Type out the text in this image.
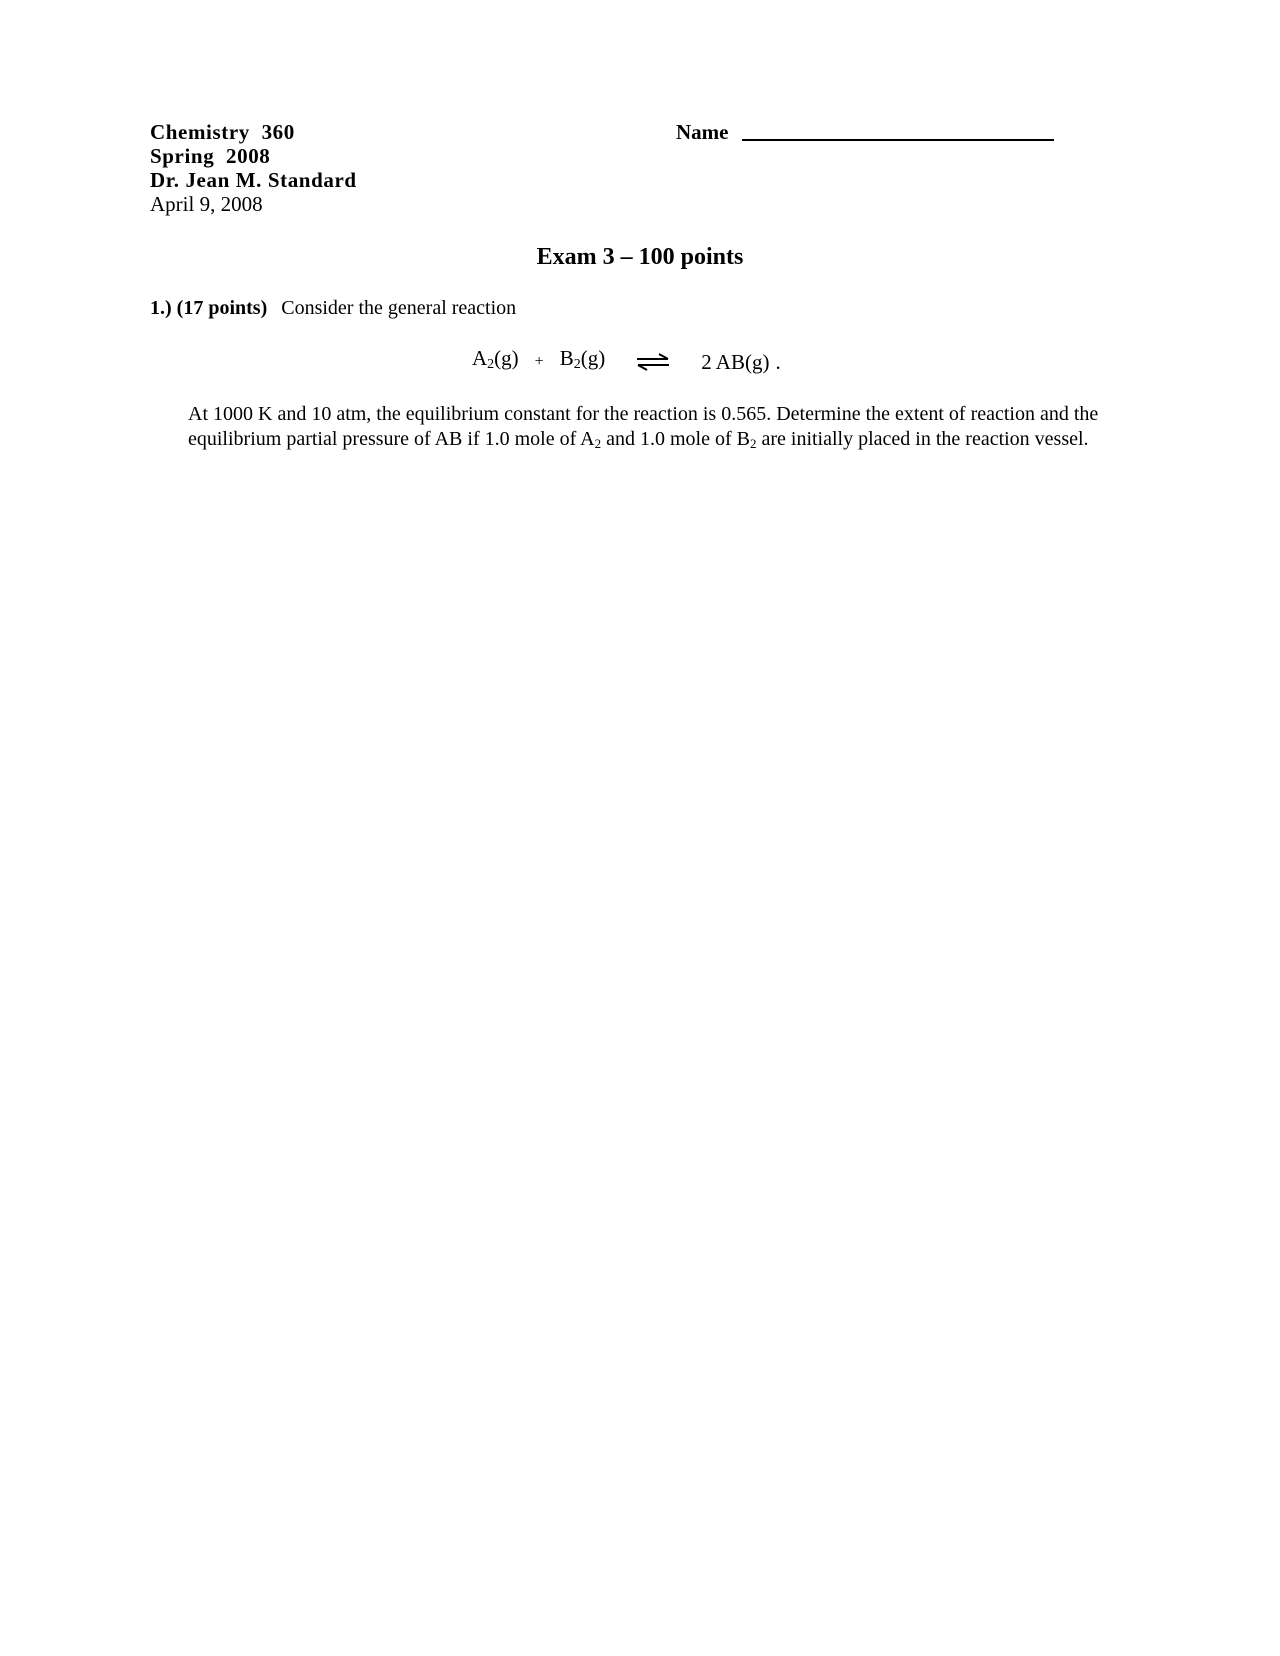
Chemistry  360
Spring  2008
Dr. Jean M. Standard
April 9, 2008
Name
Exam 3 – 100 points
1.) (17 points) Consider the general reaction
$A_2(g) + B_2(g)$ ⇌ 2 AB(g) .
At 1000 K and 10 atm, the equilibrium constant for the reaction is 0.565. Determine the extent of reaction and the equilibrium partial pressure of AB if 1.0 mole of $A_2$ and 1.0 mole of $B_2$ are initially placed in the reaction vessel.
